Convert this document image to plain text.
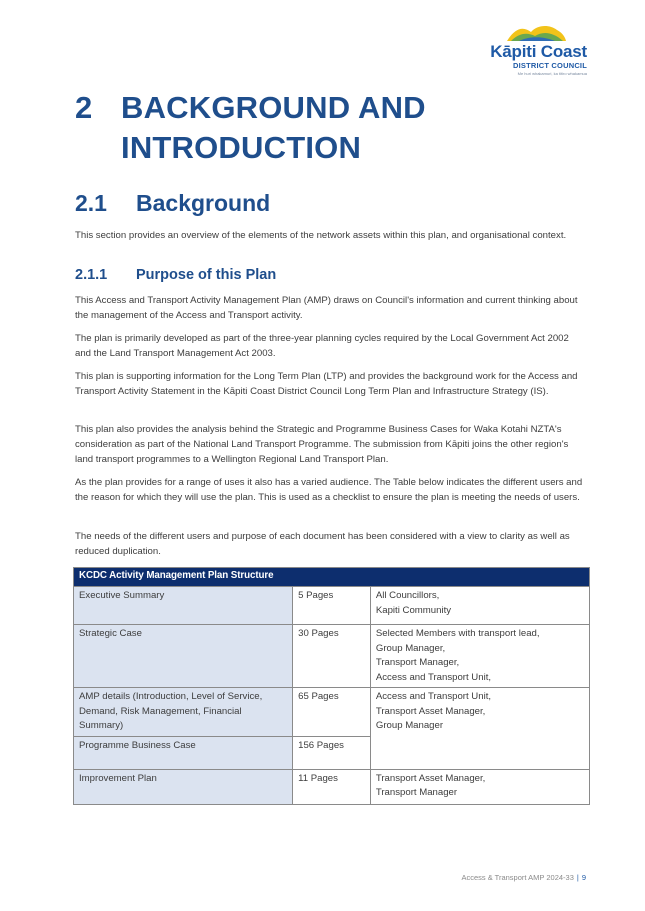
Kāpiti Coast
DISTRICT COUNCIL
Me huri whakamuri, ka titiro whakamua
2 BACKGROUND AND INTRODUCTION
2.1 Background

This section provides an overview of the elements of the network assets within this plan, and organisational context.

2.1.1 Purpose of this Plan

This Access and Transport Activity Management Plan (AMP) draws on Council's information and current thinking about the management of the Access and Transport activity.

The plan is primarily developed as part of the three-year planning cycles required by the Local Government Act 2002 and the Land Transport Management Act 2003.

This plan is supporting information for the Long Term Plan (LTP) and provides the background work for the Access and Transport Activity Statement in the Kāpiti Coast District Council Long Term Plan and Infrastructure Strategy (IS).

This plan also provides the analysis behind the Strategic and Programme Business Cases for Waka Kotahi NZTA's consideration as part of the National Land Transport Programme. The submission from Kāpiti joins the other region's land transport programmes to a Wellington Regional Land Transport Plan.

As the plan provides for a range of uses it also has a varied audience. The Table below indicates the different users and the reason for which they will use the plan. This is used as a checklist to ensure the plan is meeting the needs of users.

The needs of the different users and purpose of each document has been considered with a view to clarity as well as reduced duplication.

KCDC Activity Management Plan Structure		
Executive Summary	5 Pages	All Councillors,
Kapiti Community

Strategic Case	30 Pages	Selected Members with transport lead,
Group Manager,
Transport Manager,
Access and Transport Unit,

AMP details (Introduction, Level of Service, Demand, Risk Management, Financial Summary)	65 Pages	Access and Transport Unit,
Transport Asset Manager,
Group Manager

Programme Business Case	156 Pages	
Improvement Plan	11 Pages	Transport Asset Manager,
Transport Manager
Access & Transport AMP 2024-33 | 9
